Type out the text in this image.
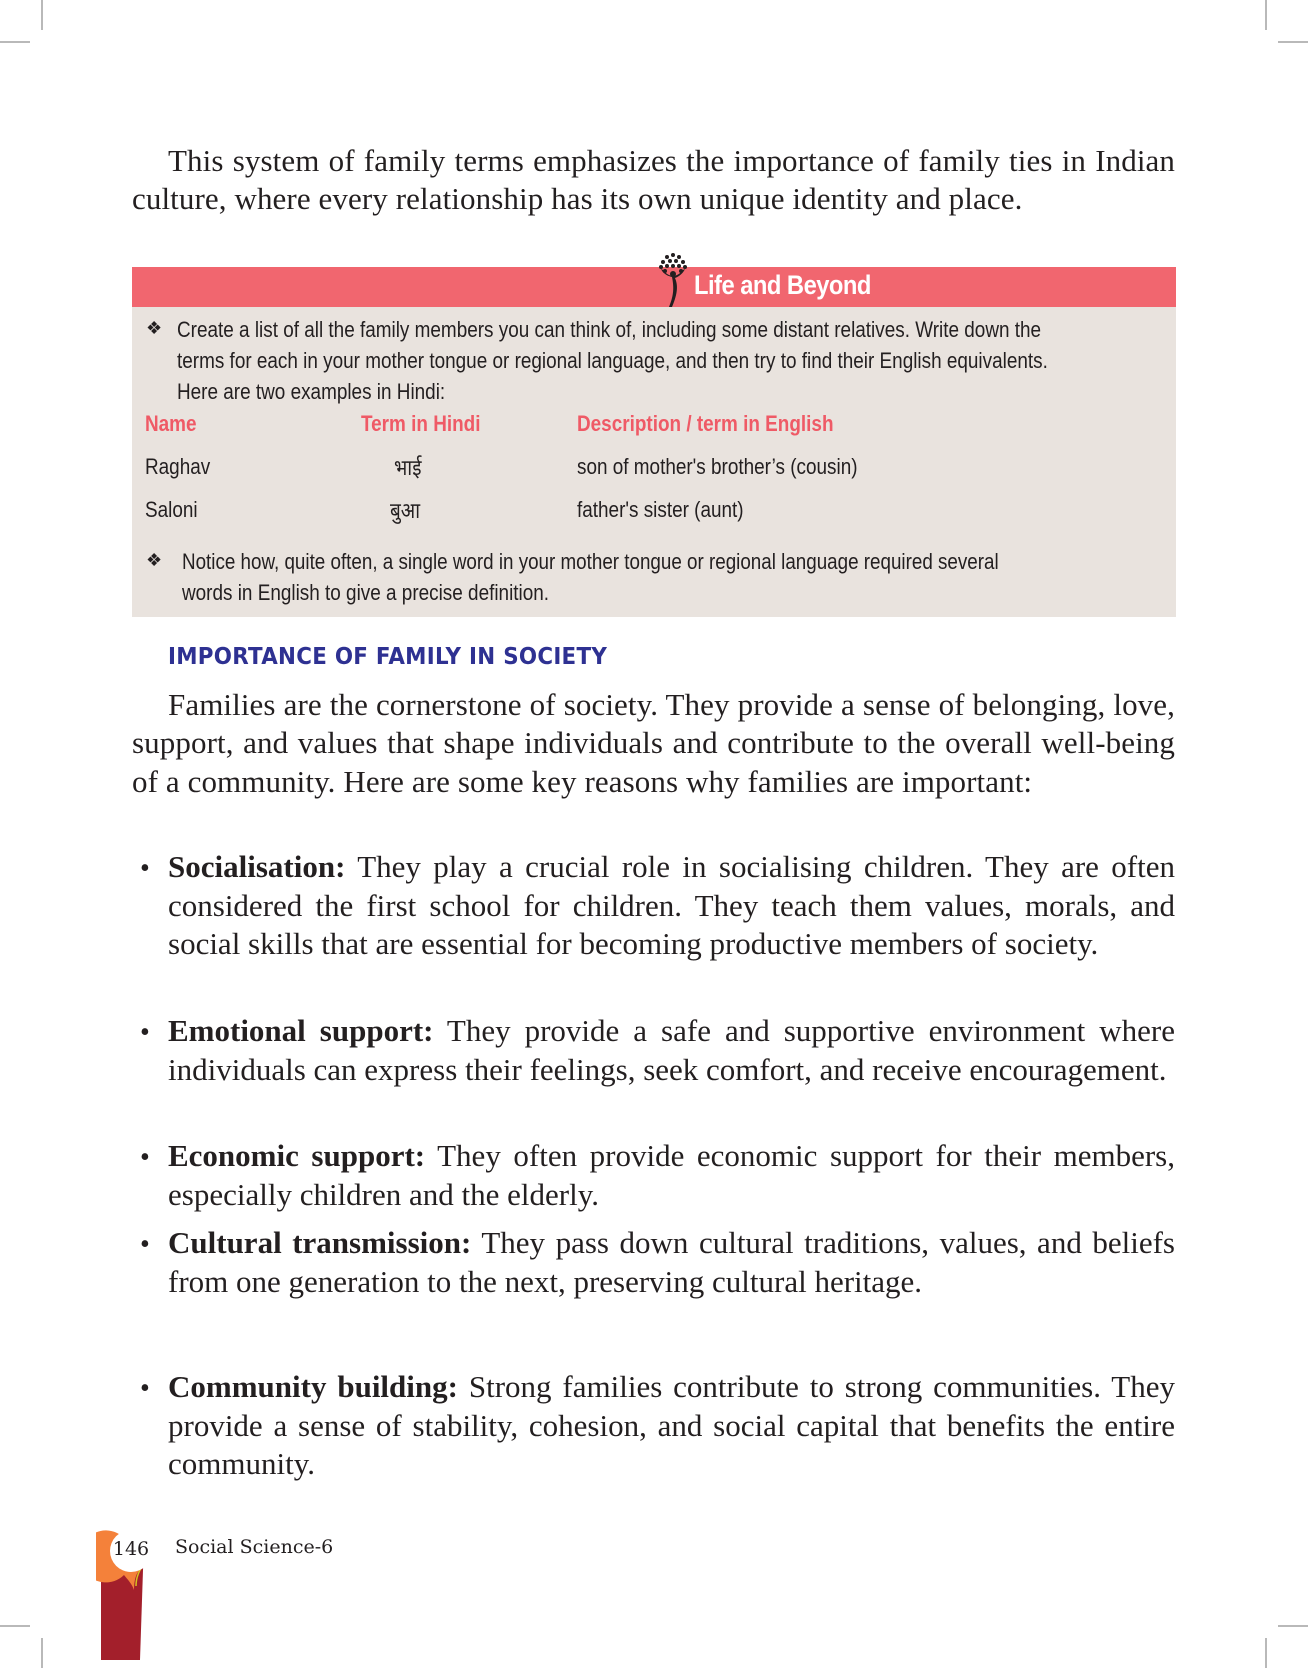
This system of family terms emphasizes the importance of family ties in Indian culture, where every relationship has its own unique identity and place.

Life and Beyond
❖ Create a list of all the family members you can think of, including some distant relatives. Write down the
terms for each in your mother tongue or regional language, and then try to find their English equivalents.
Here are two examples in Hindi:
Name	Term in Hindi	Description / term in English
Raghav	भाई	son of mother's brother’s (cousin)
Saloni	बुआ	father's sister (aunt)
❖ Notice how, quite often, a single word in your mother tongue or regional language required several
words in English to give a precise definition.
IMPORTANCE OF FAMILY IN SOCIETY

Families are the cornerstone of society. They provide a sense of belonging, love, support, and values that shape individuals and contribute to the overall well-being of a community. Here are some key reasons why families are important:

• Socialisation: They play a crucial role in socialising children. They are often considered the first school for children. They teach them values, morals, and social skills that are essential for becoming productive members of society.

• Emotional support: They provide a safe and supportive environment where individuals can express their feelings, seek comfort, and receive encouragement.

• Economic support: They often provide economic support for their members, especially children and the elderly.

• Cultural transmission: They pass down cultural traditions, values, and beliefs from one generation to the next, preserving cultural heritage.

• Community building: Strong families contribute to strong communities. They provide a sense of stability, cohesion, and social capital that benefits the entire community.

146	Social Science-6
